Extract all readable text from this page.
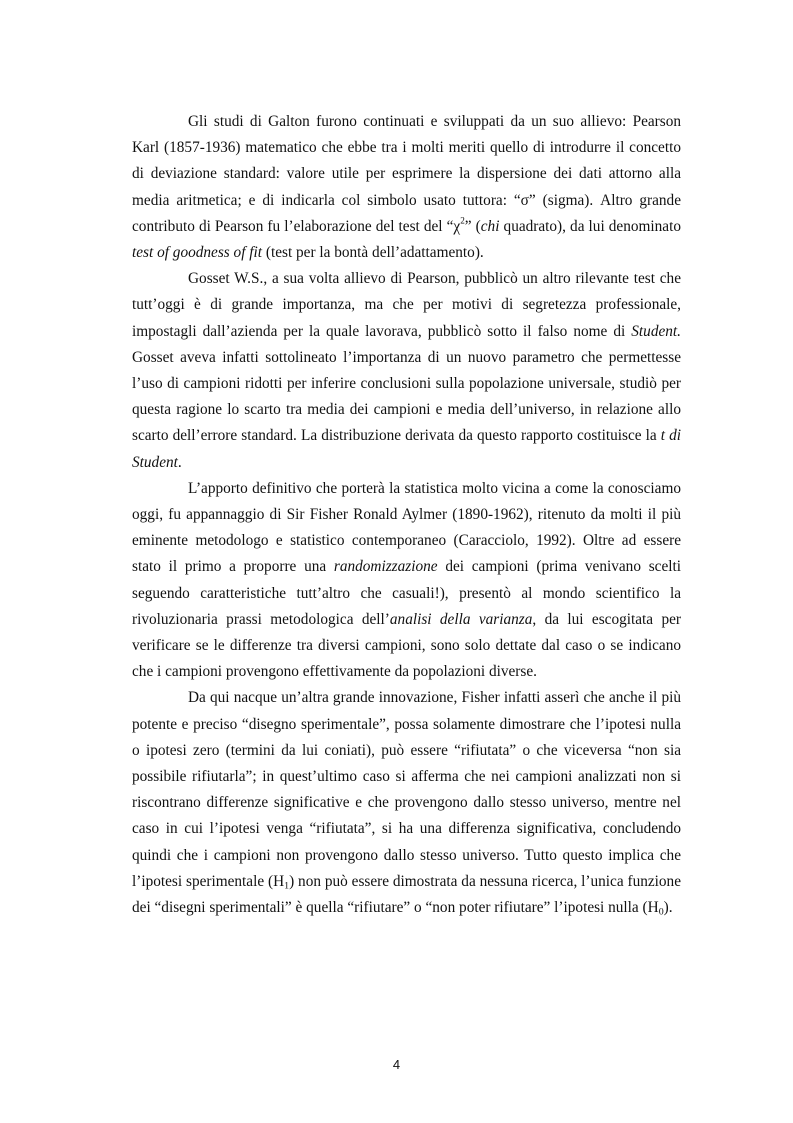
Gli studi di Galton furono continuati e sviluppati da un suo allievo: Pearson Karl (1857-1936) matematico che ebbe tra i molti meriti quello di introdurre il concetto di deviazione standard: valore utile per esprimere la dispersione dei dati attorno alla media aritmetica; e di indicarla col simbolo usato tuttora: “σ” (sigma). Altro grande contributo di Pearson fu l’elaborazione del test del “$\chi^2$” (chi quadrato), da lui denominato test of goodness of fit (test per la bontà dell’adattamento).

Gosset W.S., a sua volta allievo di Pearson, pubblicò un altro rilevante test che tutt’oggi è di grande importanza, ma che per motivi di segretezza professionale, impostagli dall’azienda per la quale lavorava, pubblicò sotto il falso nome di Student. Gosset aveva infatti sottolineato l’importanza di un nuovo parametro che permettesse l’uso di campioni ridotti per inferire conclusioni sulla popolazione universale, studiò per questa ragione lo scarto tra media dei campioni e media dell’universo, in relazione allo scarto dell’errore standard. La distribuzione derivata da questo rapporto costituisce la t di Student.

L’apporto definitivo che porterà la statistica molto vicina a come la conosciamo oggi, fu appannaggio di Sir Fisher Ronald Aylmer (1890-1962), ritenuto da molti il più eminente metodologo e statistico contemporaneo (Caracciolo, 1992). Oltre ad essere stato il primo a proporre una randomizzazione dei campioni (prima venivano scelti seguendo caratteristiche tutt’altro che casuali!), presentò al mondo scientifico la rivoluzionaria prassi metodologica dell’analisi della varianza, da lui escogitata per verificare se le differenze tra diversi campioni, sono solo dettate dal caso o se indicano che i campioni provengono effettivamente da popolazioni diverse.

Da qui nacque un’altra grande innovazione, Fisher infatti asserì che anche il più potente e preciso “disegno sperimentale”, possa solamente dimostrare che l’ipotesi nulla o ipotesi zero (termini da lui coniati), può essere “rifiutata” o che viceversa “non sia possibile rifiutarla”; in quest’ultimo caso si afferma che nei campioni analizzati non si riscontrano differenze significative e che provengono dallo stesso universo, mentre nel caso in cui l’ipotesi venga “rifiutata”, si ha una differenza significativa, concludendo quindi che i campioni non provengono dallo stesso universo. Tutto questo implica che l’ipotesi sperimentale $(H_1)$ non può essere dimostrata da nessuna ricerca, l’unica funzione dei “disegni sperimentali” è quella “rifiutare” o “non poter rifiutare” l’ipotesi nulla $(H_0)$.

4
